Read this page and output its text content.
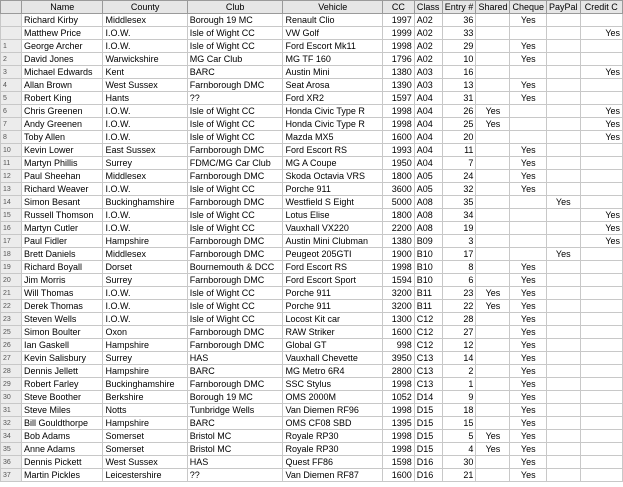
	Name	County	Club	Vehicle	CC	Class	Entry #	Shared	Cheque	PayPal	Credit C
	Richard Kirby	Middlesex	Borough 19 MC	Renault Clio	1997	A02	36		Yes		
	Matthew Price	I.O.W.	Isle of Wight CC	VW Golf	1999	A02	33				Yes
1	George Archer	I.O.W.	Isle of Wight CC	Ford Escort Mk11	1998	A02	29		Yes		
2	David Jones	Warwickshire	MG Car Club	MG TF 160	1796	A02	10		Yes		
3	Michael Edwards	Kent	BARC	Austin Mini	1380	A03	16				Yes
4	Allan Brown	West Sussex	Farnborough DMC	Seat Arosa	1390	A03	13		Yes		
5	Robert King	Hants	??	Ford XR2	1597	A04	31		Yes		
6	Chris Greenen	I.O.W.	Isle of Wight CC	Honda Civic Type R	1998	A04	26	Yes			Yes
7	Andy Greenen	I.O.W.	Isle of Wight CC	Honda Civic Type R	1998	A04	25	Yes			Yes
8	Toby Allen	I.O.W.	Isle of Wight CC	Mazda MX5	1600	A04	20				Yes
10	Kevin Lower	East Sussex	Farnborough DMC	Ford Escort RS	1993	A04	11		Yes		
11	Martyn Phillis	Surrey	FDMC/MG Car Club	MG A Coupe	1950	A04	7		Yes		
12	Paul Sheehan	Middlesex	Farnborough DMC	Skoda Octavia VRS	1800	A05	24		Yes		
13	Richard Weaver	I.O.W.	Isle of Wight CC	Porche 911	3600	A05	32		Yes		
14	Simon Besant	Buckinghamshire	Farnborough DMC	Westfield S Eight	5000	A08	35			Yes	
15	Russell Thomson	I.O.W.	Isle of Wight CC	Lotus Elise	1800	A08	34				Yes
16	Martyn Cutler	I.O.W.	Isle of Wight CC	Vauxhall VX220	2200	A08	19				Yes
17	Paul Fidler	Hampshire	Farnborough DMC	Austin Mini Clubman	1380	B09	3				Yes
18	Brett Daniels	Middlesex	Farnborough DMC	Peugeot 205GTI	1900	B10	17			Yes	
19	Richard Boyall	Dorset	Bournemouth & DCC	Ford Escort RS	1998	B10	8		Yes		
20	Jim Morris	Surrey	Farnborough DMC	Ford Escort Sport	1594	B10	6		Yes		
21	Will Thomas	I.O.W.	Isle of Wight CC	Porche 911	3200	B11	23	Yes	Yes		
22	Derek Thomas	I.O.W.	Isle of Wight CC	Porche 911	3200	B11	22	Yes	Yes		
23	Steven Wells	I.O.W.	Isle of Wight CC	Locost Kit car	1300	C12	28		Yes		
25	Simon Boulter	Oxon	Farnborough DMC	RAW Striker	1600	C12	27		Yes		
26	Ian Gaskell	Hampshire	Farnborough DMC	Global GT	998	C12	12		Yes		
27	Kevin Salisbury	Surrey	HAS	Vauxhall Chevette	3950	C13	14		Yes		
28	Dennis Jellett	Hampshire	BARC	MG Metro 6R4	2800	C13	2		Yes		
29	Robert Farley	Buckinghamshire	Farnborough DMC	SSC Stylus	1998	C13	1		Yes		
30	Steve Boother	Berkshire	Borough 19 MC	OMS 2000M	1052	D14	9		Yes		
31	Steve Miles	Notts	Tunbridge Wells	Van Diemen RF96	1998	D15	18		Yes		
32	Bill Gouldthorpe	Hampshire	BARC	OMS CF08 SBD	1395	D15	15		Yes		
34	Bob Adams	Somerset	Bristol MC	Royale RP30	1998	D15	5	Yes	Yes		
35	Anne Adams	Somerset	Bristol MC	Royale RP30	1998	D15	4	Yes	Yes		
36	Dennis Pickett	West Sussex	HAS	Quest FF86	1598	D16	30		Yes		
37	Martin Pickles	Leicestershire	??	Van Diemen RF87	1600	D16	21		Yes		
